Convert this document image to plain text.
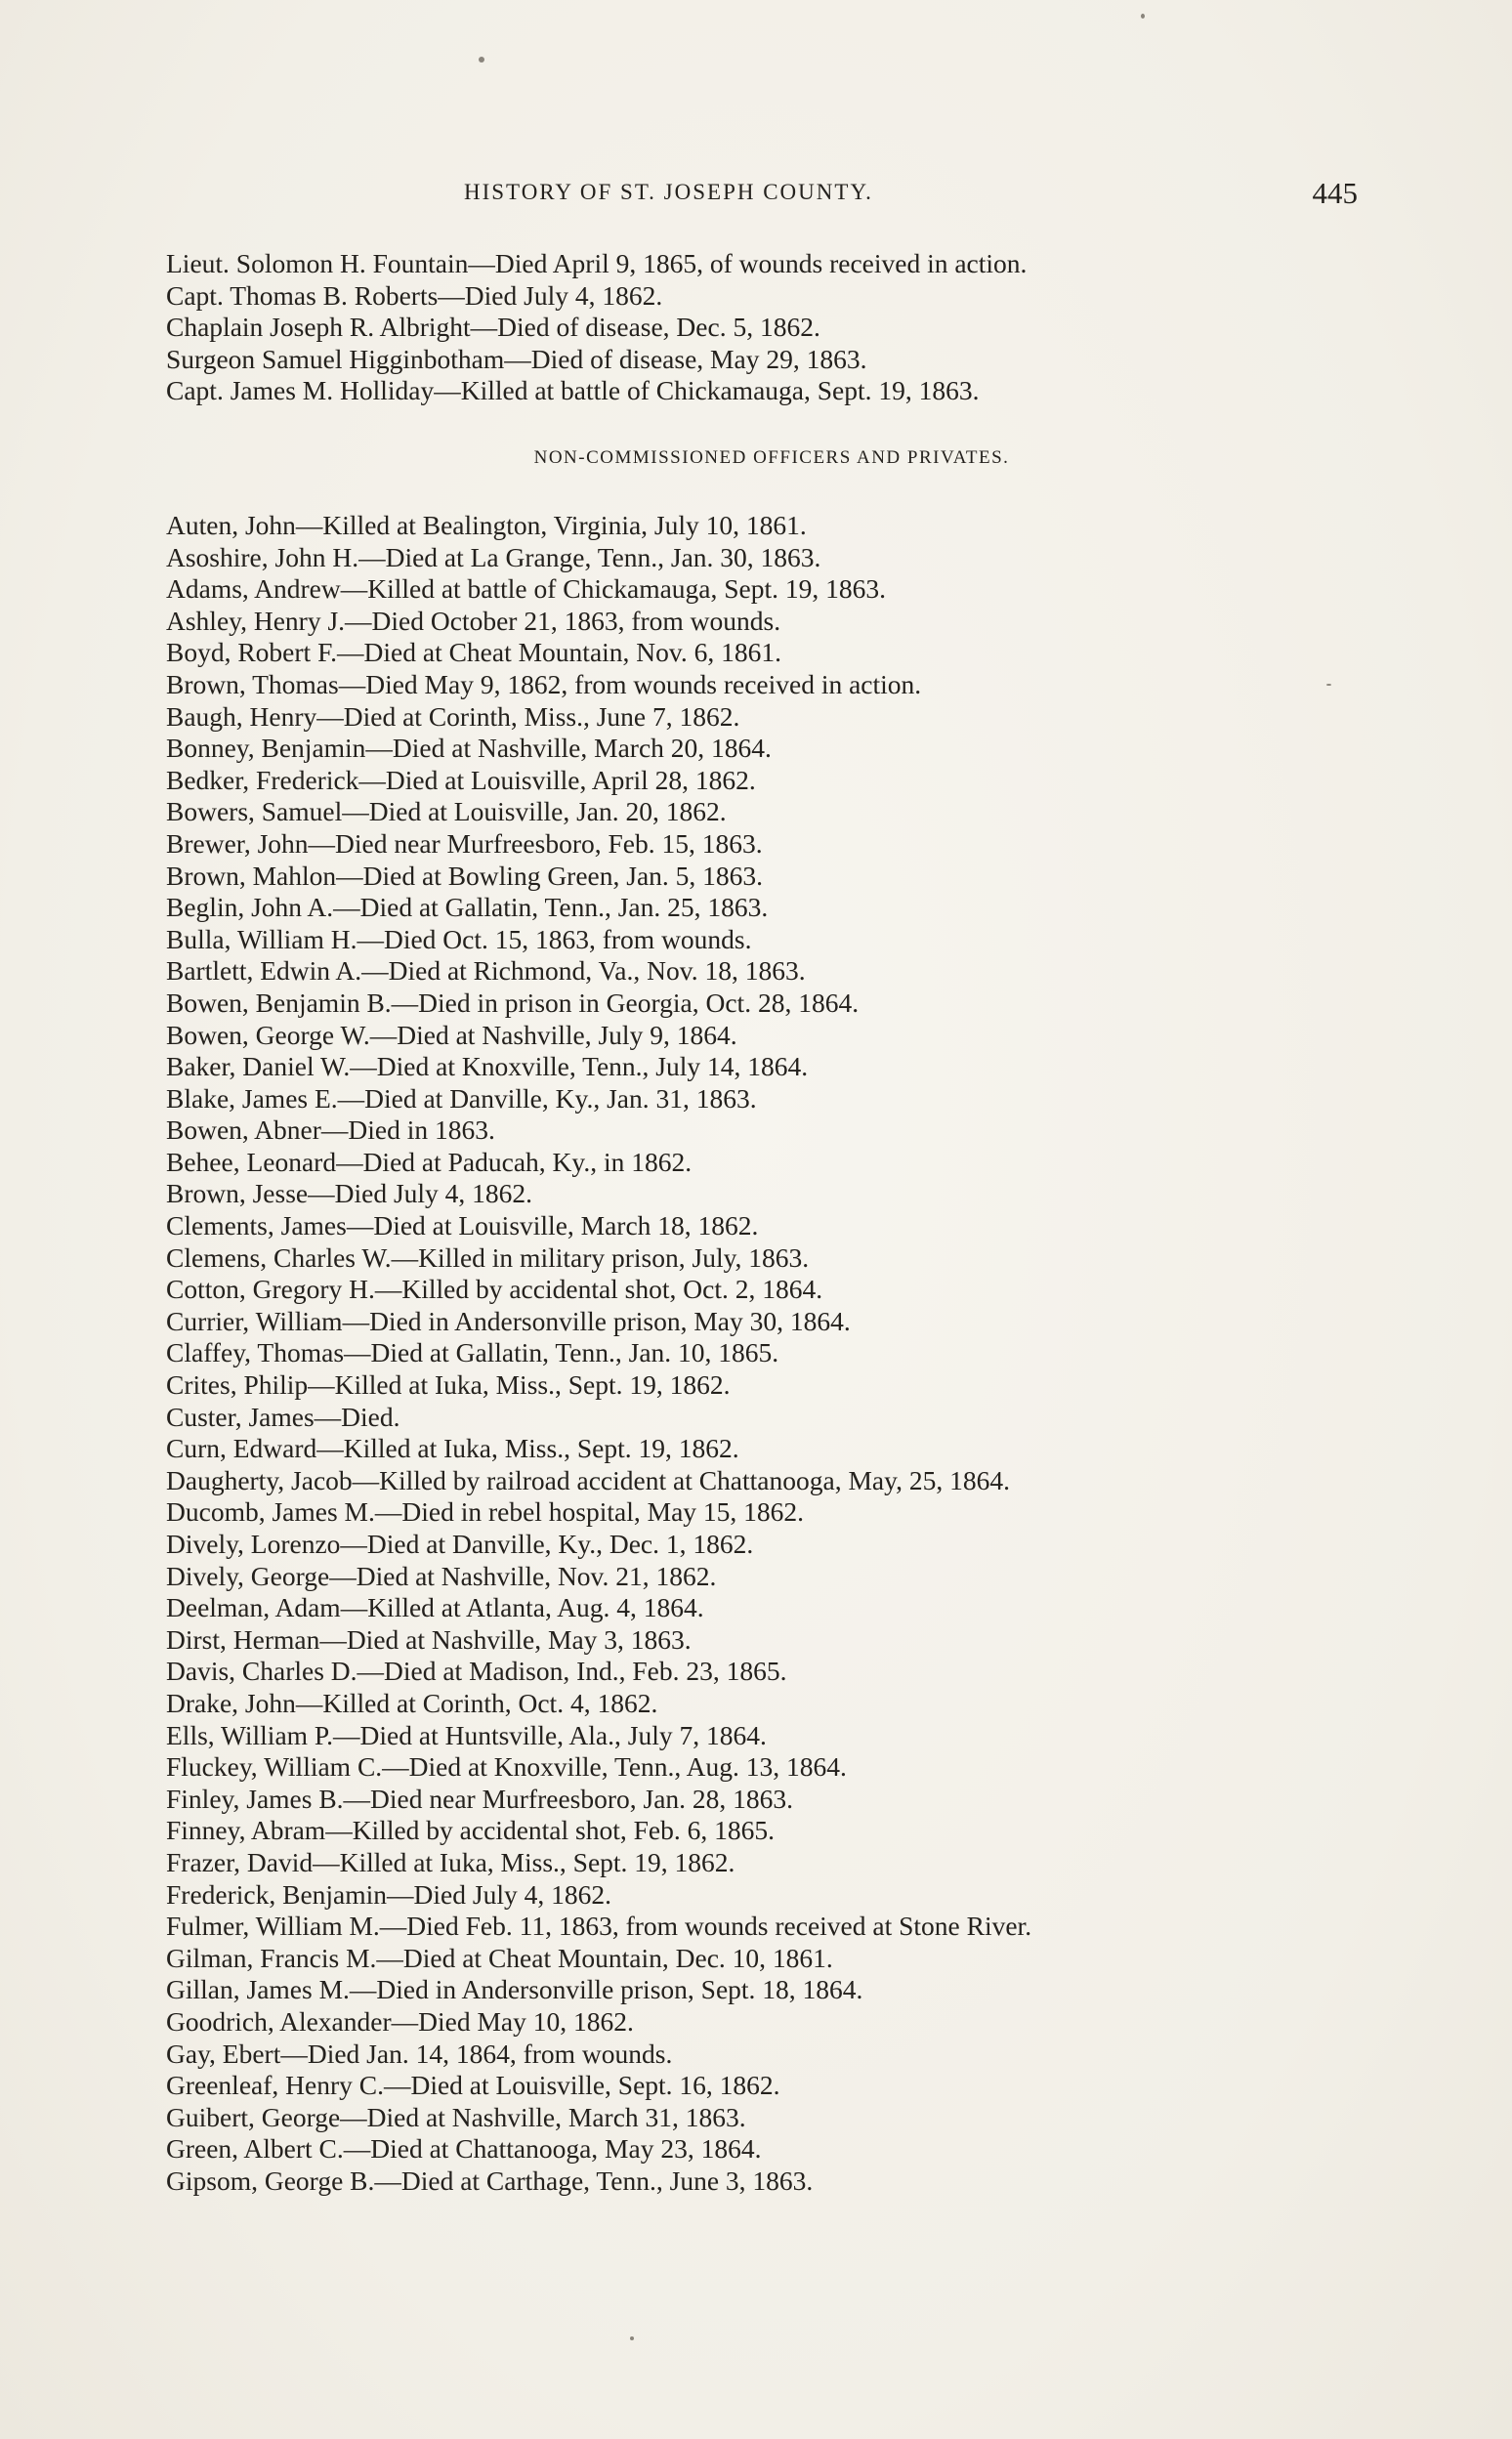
HISTORY OF ST. JOSEPH COUNTY.	445
Lieut. Solomon H. Fountain—Died April 9, 1865, of wounds received in action.
Capt. Thomas B. Roberts—Died July 4, 1862.
Chaplain Joseph R. Albright—Died of disease, Dec. 5, 1862.
Surgeon Samuel Higginbotham—Died of disease, May 29, 1863.
Capt. James M. Holliday—Killed at battle of Chickamauga, Sept. 19, 1863.
NON-COMMISSIONED OFFICERS AND PRIVATES.
Auten, John—Killed at Bealington, Virginia, July 10, 1861.
Asoshire, John H.—Died at La Grange, Tenn., Jan. 30, 1863.
Adams, Andrew—Killed at battle of Chickamauga, Sept. 19, 1863.
Ashley, Henry J.—Died October 21, 1863, from wounds.
Boyd, Robert F.—Died at Cheat Mountain, Nov. 6, 1861.
Brown, Thomas—Died May 9, 1862, from wounds received in action.
Baugh, Henry—Died at Corinth, Miss., June 7, 1862.
Bonney, Benjamin—Died at Nashville, March 20, 1864.
Bedker, Frederick—Died at Louisville, April 28, 1862.
Bowers, Samuel—Died at Louisville, Jan. 20, 1862.
Brewer, John—Died near Murfreesboro, Feb. 15, 1863.
Brown, Mahlon—Died at Bowling Green, Jan. 5, 1863.
Beglin, John A.—Died at Gallatin, Tenn., Jan. 25, 1863.
Bulla, William H.—Died Oct. 15, 1863, from wounds.
Bartlett, Edwin A.—Died at Richmond, Va., Nov. 18, 1863.
Bowen, Benjamin B.—Died in prison in Georgia, Oct. 28, 1864.
Bowen, George W.—Died at Nashville, July 9, 1864.
Baker, Daniel W.—Died at Knoxville, Tenn., July 14, 1864.
Blake, James E.—Died at Danville, Ky., Jan. 31, 1863.
Bowen, Abner—Died in 1863.
Behee, Leonard—Died at Paducah, Ky., in 1862.
Brown, Jesse—Died July 4, 1862.
Clements, James—Died at Louisville, March 18, 1862.
Clemens, Charles W.—Killed in military prison, July, 1863.
Cotton, Gregory H.—Killed by accidental shot, Oct. 2, 1864.
Currier, William—Died in Andersonville prison, May 30, 1864.
Claffey, Thomas—Died at Gallatin, Tenn., Jan. 10, 1865.
Crites, Philip—Killed at Iuka, Miss., Sept. 19, 1862.
Custer, James—Died.
Curn, Edward—Killed at Iuka, Miss., Sept. 19, 1862.
Daugherty, Jacob—Killed by railroad accident at Chattanooga, May, 25, 1864.
Ducomb, James M.—Died in rebel hospital, May 15, 1862.
Dively, Lorenzo—Died at Danville, Ky., Dec. 1, 1862.
Dively, George—Died at Nashville, Nov. 21, 1862.
Deelman, Adam—Killed at Atlanta, Aug. 4, 1864.
Dirst, Herman—Died at Nashville, May 3, 1863.
Davis, Charles D.—Died at Madison, Ind., Feb. 23, 1865.
Drake, John—Killed at Corinth, Oct. 4, 1862.
Ells, William P.—Died at Huntsville, Ala., July 7, 1864.
Fluckey, William C.—Died at Knoxville, Tenn., Aug. 13, 1864.
Finley, James B.—Died near Murfreesboro, Jan. 28, 1863.
Finney, Abram—Killed by accidental shot, Feb. 6, 1865.
Frazer, David—Killed at Iuka, Miss., Sept. 19, 1862.
Frederick, Benjamin—Died July 4, 1862.
Fulmer, William M.—Died Feb. 11, 1863, from wounds received at Stone River.
Gilman, Francis M.—Died at Cheat Mountain, Dec. 10, 1861.
Gillan, James M.—Died in Andersonville prison, Sept. 18, 1864.
Goodrich, Alexander—Died May 10, 1862.
Gay, Ebert—Died Jan. 14, 1864, from wounds.
Greenleaf, Henry C.—Died at Louisville, Sept. 16, 1862.
Guibert, George—Died at Nashville, March 31, 1863.
Green, Albert C.—Died at Chattanooga, May 23, 1864.
Gipsom, George B.—Died at Carthage, Tenn., June 3, 1863.
